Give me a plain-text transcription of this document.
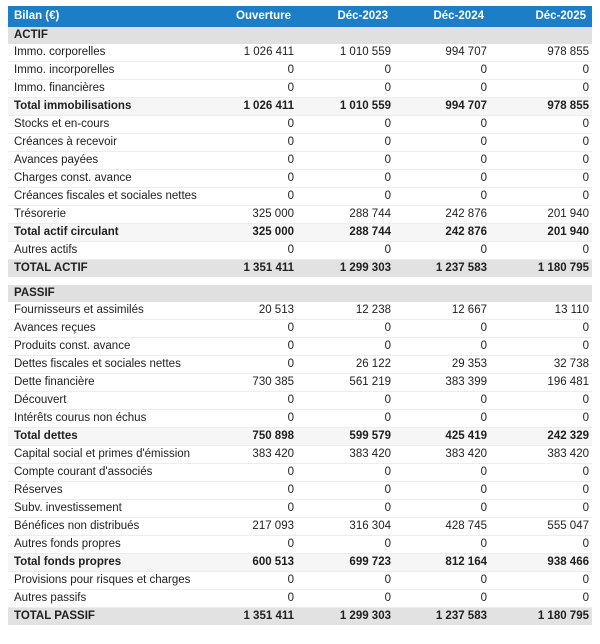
Bilan (€)	Ouverture	Déc-2023	Déc-2024	Déc-2025
ACTIF				
Immo. corporelles	1 026 411	1 010 559	994 707	978 855
Immo. incorporelles	0	0	0	0
Immo. financières	0	0	0	0
Total immobilisations	1 026 411	1 010 559	994 707	978 855
Stocks et en-cours	0	0	0	0
Créances à recevoir	0	0	0	0
Avances payées	0	0	0	0
Charges const. avance	0	0	0	0
Créances fiscales et sociales nettes	0	0	0	0
Trésorerie	325 000	288 744	242 876	201 940
Total actif circulant	325 000	288 744	242 876	201 940
Autres actifs	0	0	0	0
TOTAL ACTIF	1 351 411	1 299 303	1 237 583	1 180 795

PASSIF				
Fournisseurs et assimilés	20 513	12 238	12 667	13 110
Avances reçues	0	0	0	0
Produits const. avance	0	0	0	0
Dettes fiscales et sociales nettes	0	26 122	29 353	32 738
Dette financière	730 385	561 219	383 399	196 481
Découvert	0	0	0	0
Intérêts courus non échus	0	0	0	0
Total dettes	750 898	599 579	425 419	242 329
Capital social et primes d'émission	383 420	383 420	383 420	383 420
Compte courant d'associés	0	0	0	0
Réserves	0	0	0	0
Subv. investissement	0	0	0	0
Bénéfices non distribués	217 093	316 304	428 745	555 047
Autres fonds propres	0	0	0	0
Total fonds propres	600 513	699 723	812 164	938 466
Provisions pour risques et charges	0	0	0	0
Autres passifs	0	0	0	0
TOTAL PASSIF	1 351 411	1 299 303	1 237 583	1 180 795
